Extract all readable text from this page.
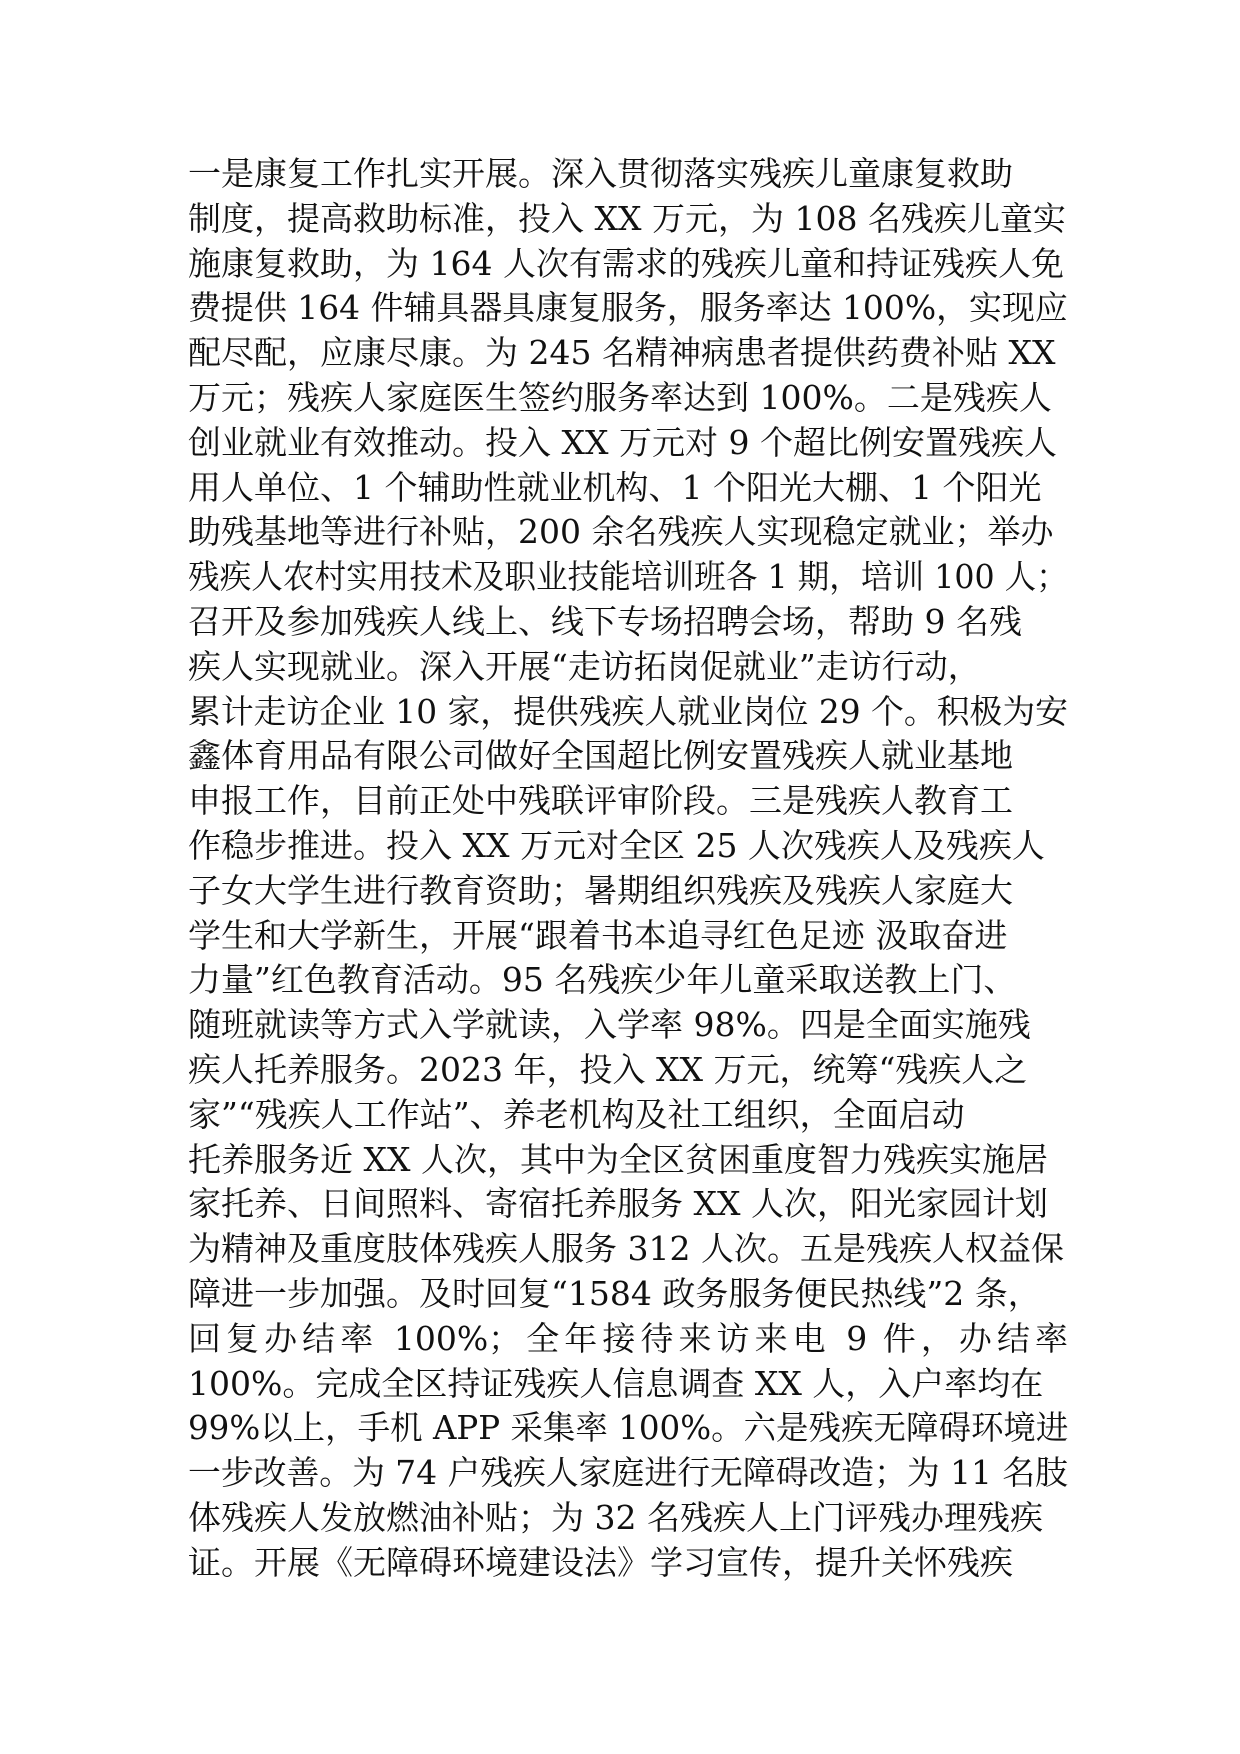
一是康复工作扎实开展。深入贯彻落实残疾儿童康复救助
制度，提高救助标准，投入 XX 万元，为 108 名残疾儿童实
施康复救助，为 164 人次有需求的残疾儿童和持证残疾人免
费提供 164 件辅具器具康复服务，服务率达 100%，实现应
配尽配，应康尽康。为 245 名精神病患者提供药费补贴 XX
万元；残疾人家庭医生签约服务率达到 100%。二是残疾人
创业就业有效推动。投入 XX 万元对 9 个超比例安置残疾人
用人单位、1 个辅助性就业机构、1 个阳光大棚、1 个阳光
助残基地等进行补贴，200 余名残疾人实现稳定就业；举办
残疾人农村实用技术及职业技能培训班各 1 期，培训 100 人；
召开及参加残疾人线上、线下专场招聘会场，帮助 9 名残
疾人实现就业。深入开展“走访拓岗促就业”走访行动，
累计走访企业 10 家，提供残疾人就业岗位 29 个。积极为安
鑫体育用品有限公司做好全国超比例安置残疾人就业基地
申报工作，目前正处中残联评审阶段。三是残疾人教育工
作稳步推进。投入 XX 万元对全区 25 人次残疾人及残疾人
子女大学生进行教育资助；暑期组织残疾及残疾人家庭大
学生和大学新生，开展“跟着书本追寻红色足迹 汲取奋进
力量”红色教育活动。95 名残疾少年儿童采取送教上门、
随班就读等方式入学就读，入学率 98%。四是全面实施残
疾人托养服务。2023 年，投入 XX 万元，统筹“残疾人之
家”“残疾人工作站”、养老机构及社工组织，全面启动
托养服务近 XX 人次，其中为全区贫困重度智力残疾实施居
家托养、日间照料、寄宿托养服务 XX 人次，阳光家园计划
为精神及重度肢体残疾人服务 312 人次。五是残疾人权益保
障进一步加强。及时回复“1584 政务服务便民热线”2 条，
回复办结率 100%；全年接待来访来电 9 件，办结率
100%。完成全区持证残疾人信息调查 XX 人，入户率均在
99%以上，手机 APP 采集率 100%。六是残疾无障碍环境进
一步改善。为 74 户残疾人家庭进行无障碍改造；为 11 名肢
体残疾人发放燃油补贴；为 32 名残疾人上门评残办理残疾
证。开展《无障碍环境建设法》学习宣传，提升关怀残疾
